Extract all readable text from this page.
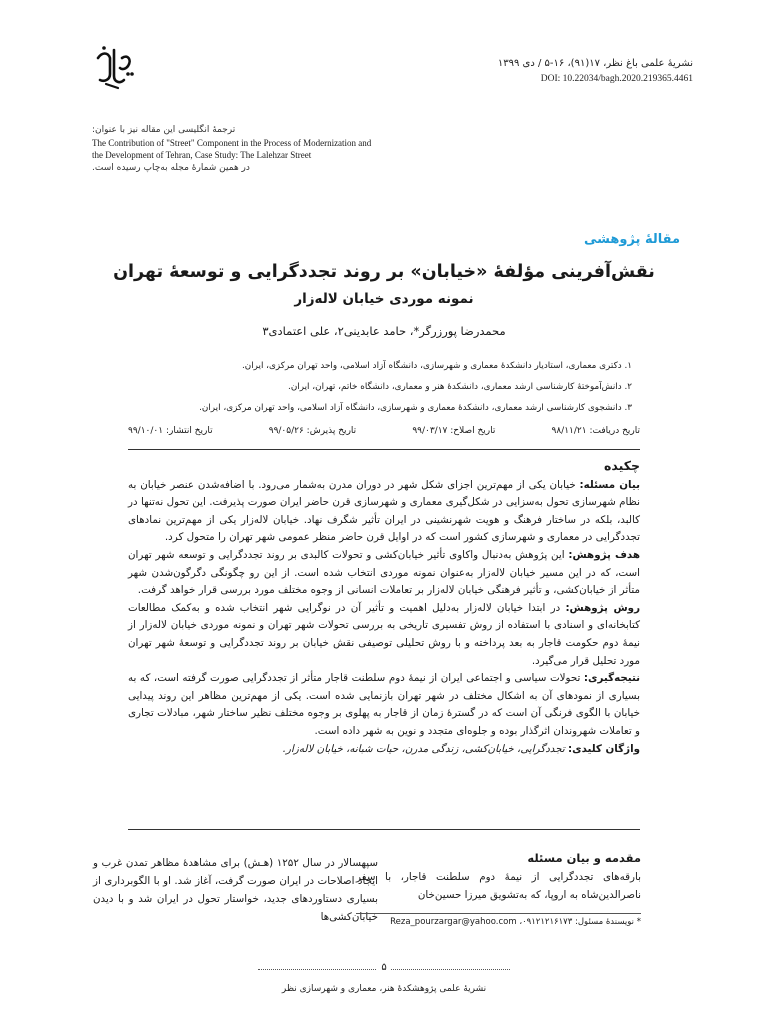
نشریهٔ علمی باغ نظر، ۱۷(۹۱)، ۱۶-۵ / دی ۱۳۹۹
DOI: 10.22034/bagh.2020.219365.4461
ترجمهٔ انگلیسی این مقاله نیز با عنوان:
The Contribution of "Street" Component in the Process of Modernization and
the Development of Tehran, Case Study: The Lalehzar Street
در همین شمارهٔ مجله به‌چاپ رسیده است.
مقالهٔ پژوهشی
نقش‌آفرینی مؤلفهٔ «خیابان» بر روند تجددگرایی و توسعهٔ تهران
نمونه موردی خیابان لاله‌زار
محمدرضا پورزرگر*، حامد عابدینی۲، علی اعتمادی۳
۱. دکتری معماری، استادیار دانشکدهٔ معماری و شهرسازی، دانشگاه آزاد اسلامی، واحد تهران مرکزی، ایران.
۲. دانش‌آموختهٔ کارشناسی ارشد معماری، دانشکدهٔ هنر و معماری، دانشگاه خاتم، تهران، ایران.
۳. دانشجوی کارشناسی ارشد معماری، دانشکدهٔ معماری و شهرسازی، دانشگاه آزاد اسلامی، واحد تهران مرکزی، ایران.
تاریخ دریافت: ۹۸/۱۱/۲۱
تاریخ اصلاح: ۹۹/۰۳/۱۷
تاریخ پذیرش: ۹۹/۰۵/۲۶
تاریخ انتشار: ۹۹/۱۰/۰۱
چکیده

بیان مسئله: خیابان یکی از مهم‌ترین اجزای شکل شهر در دوران مدرن به‌شمار می‌رود. با اضافه‌شدن عنصر خیابان به نظام شهرسازی تحول به‌سزایی در شکل‌گیری معماری و شهرسازی قرن حاضر ایران صورت پذیرفت. این تحول نه‌تنها در کالبد، بلکه در ساختار فرهنگ و هویت شهرنشینی در ایران تأثیر شگرف نهاد. خیابان لاله‌زار یکی از مهم‌ترین نمادهای تجددگرایی در معماری و شهرسازی کشور است که در اوایل قرن حاضر منظر عمومی شهر تهران را متحول کرد.

هدف پژوهش: این پژوهش به‌دنبال واکاوی تأثیر خیابان‌کشی و تحولات کالبدی بر روند تجددگرایی و توسعه شهر تهران است، که در این مسیر خیابان لاله‌زار به‌عنوان نمونه موردی انتخاب شده است. از این رو چگونگی دگرگون‌شدن شهر متأثر از خیابان‌کشی، و تأثیر فرهنگی خیابان لاله‌زار بر تعاملات انسانی از وجوه مختلف مورد بررسی قرار خواهد گرفت.

روش پژوهش: در ابتدا خیابان لاله‌زار به‌دلیل اهمیت و تأثیر آن در نوگرایی شهر انتخاب شده و به‌کمک مطالعات کتابخانه‌ای و اسنادی با استفاده از روش تفسیری تاریخی به بررسی تحولات شهر تهران و نمونه موردی خیابان لاله‌زار از نیمهٔ دوم حکومت قاجار به بعد پرداخته و با روش تحلیلی توصیفی نقش خیابان بر روند تجددگرایی و توسعهٔ شهر تهران مورد تحلیل قرار می‌گیرد.

نتیجه‌گیری: تحولات سیاسی و اجتماعی ایران از نیمهٔ دوم سلطنت قاجار متأثر از تجددگرایی صورت گرفته است، که به بسیاری از نمودهای آن به اشکال مختلف در شهر تهران بازنمایی شده است. یکی از مهم‌ترین مظاهر این روند پیدایی خیابان با الگوی فرنگی آن است که در گسترهٔ زمان از قاجار به پهلوی بر وجوه مختلف نظیر ساختار شهر، مبادلات تجاری و تعاملات شهروندان اثرگذار بوده و جلوه‌ای متجدد و نوین به شهر داده است.

واژگان کلیدی: تجددگرایی، خیابان‌کشی، زندگی مدرن، حیات شبانه، خیابان لاله‌زار.

مقدمه و بیان مسئله

بارقه‌های تجددگرایی از نیمهٔ دوم سلطنت قاجار، با سفر ناصرالدین‌شاه به اروپا، که به‌تشویق میرزا حسین‌خان

سپهسالار در سال ۱۲۵۲ (هـش) برای مشاهدهٔ مظاهر تمدن غرب و ایجاد اصلاحات در ایران صورت گرفت، آغاز شد. او با الگوبرداری از بسیاری دستاوردهای جدید، خواستار تحول در ایران شد و با دیدن خیابان‌کشی‌ها	* نویسندهٔ مسئول: ۰۹۱۲۱۲۱۶۱۷۳، Reza_pourzargar@yahoo.com
۵
نشریهٔ علمی پژوهشکدهٔ هنر، معماری و شهرسازی نظر
